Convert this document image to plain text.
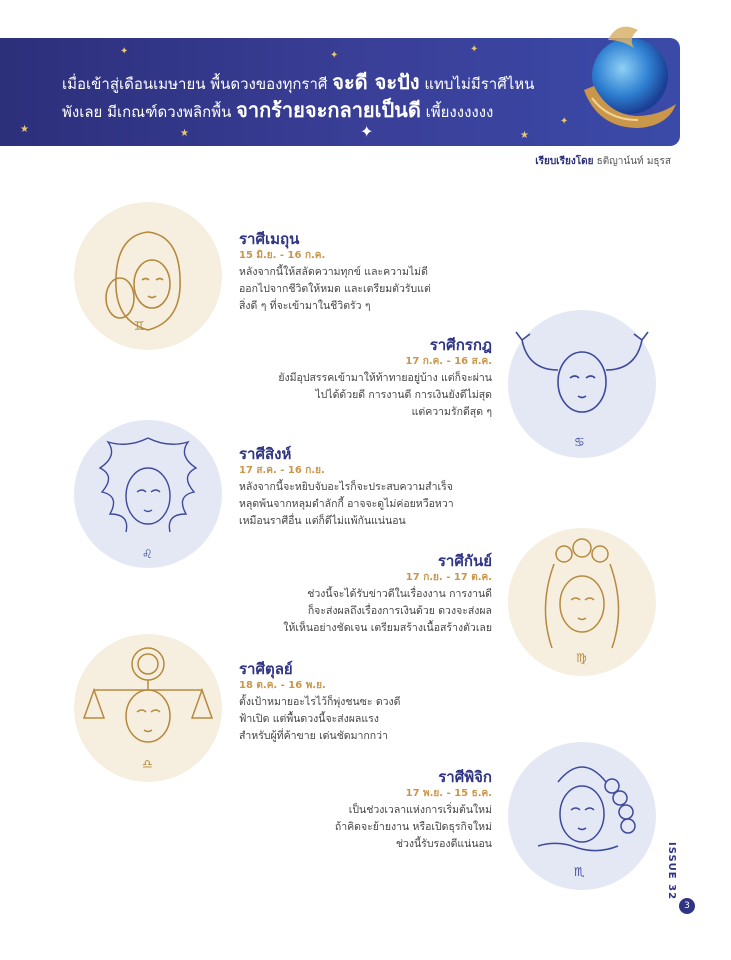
✦	✦
✦
★	★	✦	★
✦
เมื่อเข้าสู่เดือนเมษายน พื้นดวงของทุกราศี จะดี จะปัง แทบไม่มีราศีไหน
พังเลย มีเกณฑ์ดวงพลิกพื้น จากร้ายจะกลายเป็นดี เพี้ยงงงงงง
เรียบเรียงโดย ธติญาน์นท์ มธุรส
♊
ราศีเมถุน
15 มิ.ย. - 16 ก.ค.
หลังจากนี้ให้สลัดความทุกข์ และความไม่ดี
ออกไปจากชีวิตให้หมด และเตรียมตัวรับแต่
สิ่งดี ๆ ที่จะเข้ามาในชีวิตรัว ๆ
♋
ราศีกรกฎ
17 ก.ค. - 16 ส.ค.
ยังมีอุปสรรคเข้ามาให้ท้าทายอยู่บ้าง แต่ก็จะผ่าน
ไปได้ด้วยดี การงานดี การเงินยังดีไม่สุด
แต่ความรักดีสุด ๆ
♌
ราศีสิงห์
17 ส.ค. - 16 ก.ย.
หลังจากนี้จะหยิบจับอะไรก็จะประสบความสำเร็จ
หลุดพ้นจากหลุมดำลักกี้ อาจจะดูไม่ค่อยหวือหวา
เหมือนราศีอื่น แต่ก็ดีไม่แพ้กันแน่นอน
♍
ราศีกันย์
17 ก.ย. - 17 ต.ค.
ช่วงนี้จะได้รับข่าวดีในเรื่องงาน การงานดี
ก็จะส่งผลถึงเรื่องการเงินด้วย ดวงจะส่งผล
ให้เห็นอย่างชัดเจน เตรียมสร้างเนื้อสร้างตัวเลย
♎
ราศีตุลย์
18 ต.ค. - 16 พ.ย.
ตั้งเป้าหมายอะไรไว้ก็พุ่งชนซะ ดวงดี
ฟ้าเปิด แต่พื้นดวงนี้จะส่งผลแรง
สำหรับผู้ที่ค้าขาย เด่นชัดมากกว่า
♏
ราศีพิจิก
17 พ.ย. - 15 ธ.ค.
เป็นช่วงเวลาแห่งการเริ่มต้นใหม่
ถ้าคิดจะย้ายงาน หรือเปิดธุรกิจใหม่
ช่วงนี้รับรองดีแน่นอน	ISSUE 32
3
